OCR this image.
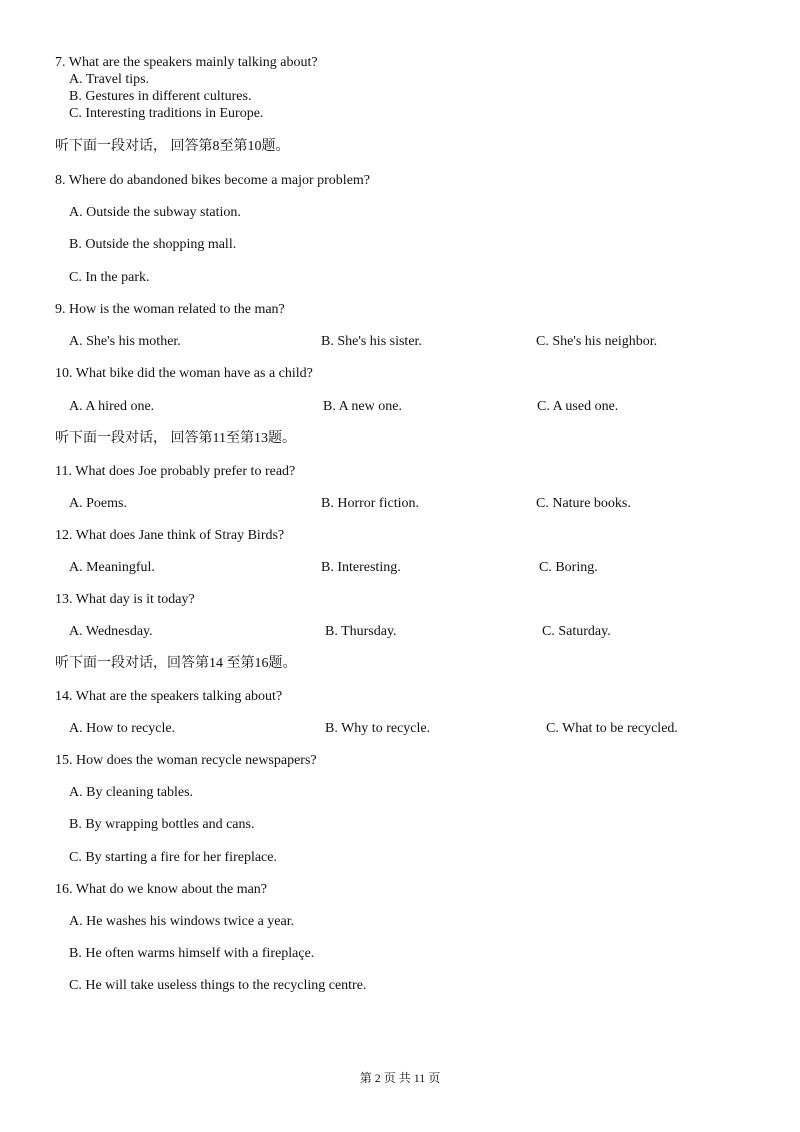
7. What are the speakers mainly talking about?
A. Travel tips.
B. Gestures in different cultures.
C. Interesting traditions in Europe.
听下面一段对话， 回答第8至第10题。
8. Where do abandoned bikes become a major problem?
A. Outside the subway station.
B. Outside the shopping mall.
C. In the park.
9. How is the woman related to the man?
A. She's his mother.	B. She's his sister.	C. She's his neighbor.
10. What bike did the woman have as a child?
A. A hired one.	B. A new one.	C. A used one.
听下面一段对话， 回答第11至第13题。
11. What does Joe probably prefer to read?
A. Poems.	B. Horror fiction.	C. Nature books.
12. What does Jane think of Stray Birds?
A. Meaningful.	B. Interesting.	C. Boring.
13. What day is it today?
A. Wednesday.	B. Thursday.	C. Saturday.
听下面一段对话，回答第14 至第16题。
14. What are the speakers talking about?
A. How to recycle.	B. Why to recycle.	C. What to be recycled.
15. How does the woman recycle newspapers?
A. By cleaning tables.
B. By wrapping bottles and cans.
C. By starting a fire for her fireplace.
16. What do we know about the man?
A. He washes his windows twice a year.
B. He often warms himself with a fireplaçe.
C. He will take useless things to the recycling centre.
第 2 页 共 11 页
